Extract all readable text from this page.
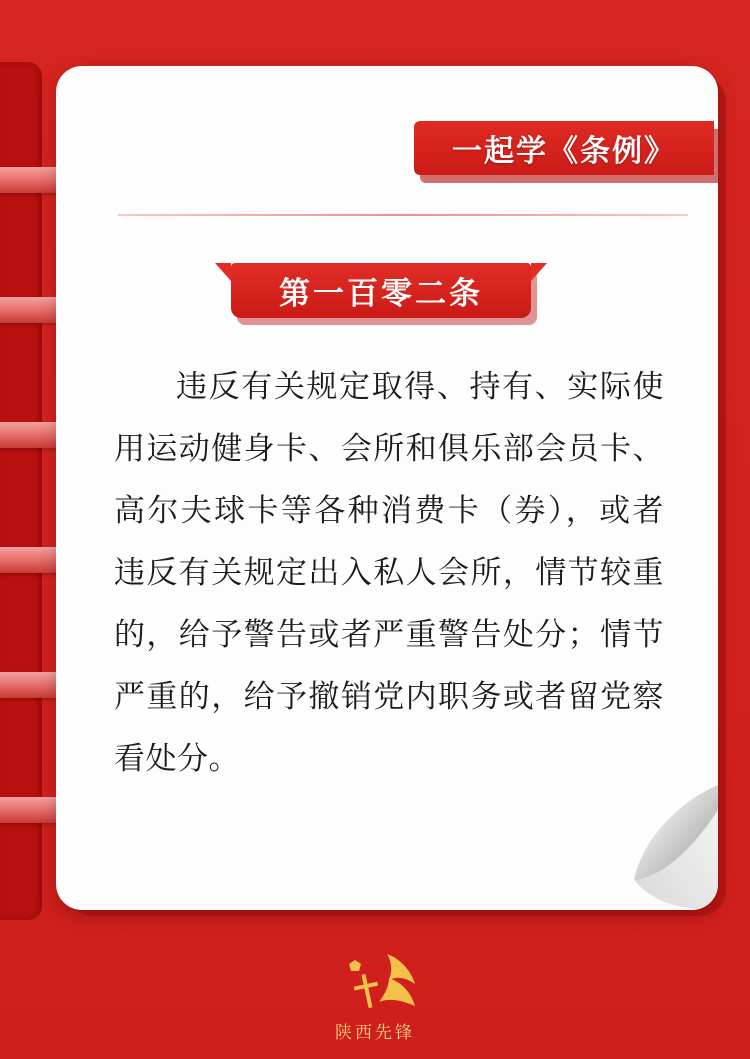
一起学《条例》
第一百零二条
违反有关规定取得、持有、实际使用运动健身卡、会所和俱乐部会员卡、高尔夫球卡等各种消费卡（券），或者违反有关规定出入私人会所，情节较重的，给予警告或者严重警告处分；情节严重的，给予撤销党内职务或者留党察看处分。
陕西先锋
